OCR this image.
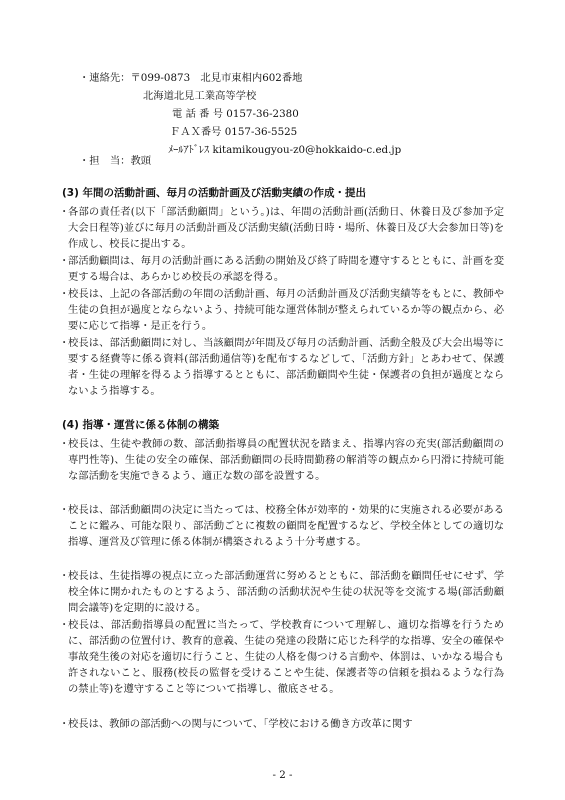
・連絡先：〒099-0873　北見市東相内602番地
北海道北見工業高等学校
電 話 番 号 0157-36-2380
ＦＡＸ番号 0157-36-5525
ﾒｰﾙｱﾄﾞﾚｽ kitamikougyou-z0@hokkaido-c.ed.jp
・担　当：教頭
(3) 年間の活動計画、毎月の活動計画及び活動実績の作成・提出
・
各部の責任者(以下「部活動顧問」という。)は、年間の活動計画(活動日、休養日及び参加予定大会日程等)並びに毎月の活動計画及び活動実績(活動日時・場所、休養日及び大会参加日等)を作成し、校長に提出する。
・
部活動顧問は、毎月の活動計画にある活動の開始及び終了時間を遵守するとともに、計画を変更する場合は、あらかじめ校長の承認を得る。
・
校長は、上記の各部活動の年間の活動計画、毎月の活動計画及び活動実績等をもとに、教師や生徒の負担が過度とならないよう、持続可能な運営体制が整えられているか等の観点から、必要に応じて指導・是正を行う。
・
校長は、部活動顧問に対し、当該顧問が年間及び毎月の活動計画、活動全般及び大会出場等に要する経費等に係る資料(部活動通信等)を配布するなどして、「活動方針」とあわせて、保護者・生徒の理解を得るよう指導するとともに、部活動顧問や生徒・保護者の負担が過度とならないよう指導する。
(4) 指導・運営に係る体制の構築
・
校長は、生徒や教師の数、部活動指導員の配置状況を踏まえ、指導内容の充実(部活動顧問の専門性等)、生徒の安全の確保、部活動顧問の長時間勤務の解消等の観点から円滑に持続可能な部活動を実施できるよう、適正な数の部を設置する。
・
校長は、部活動顧問の決定に当たっては、校務全体が効率的・効果的に実施される必要があることに鑑み、可能な限り、部活動ごとに複数の顧問を配置するなど、学校全体としての適切な指導、運営及び管理に係る体制が構築されるよう十分考慮する。
・
校長は、生徒指導の視点に立った部活動運営に努めるとともに、部活動を顧問任せにせず、学校全体に開かれたものとするよう、部活動の活動状況や生徒の状況等を交流する場(部活動顧問会議等)を定期的に設ける。
・
校長は、部活動指導員の配置に当たって、学校教育について理解し、適切な指導を行うために、部活動の位置付け、教育的意義、生徒の発達の段階に応じた科学的な指導、安全の確保や事故発生後の対応を適切に行うこと、生徒の人格を傷つける言動や、体罰は、いかなる場合も許されないこと、服務(校長の監督を受けることや生徒、保護者等の信頼を損ねるような行為の禁止等)を遵守すること等について指導し、徹底させる。
・
校長は、教師の部活動への関与について、「学校における働き方改革に関す
- 2 -
